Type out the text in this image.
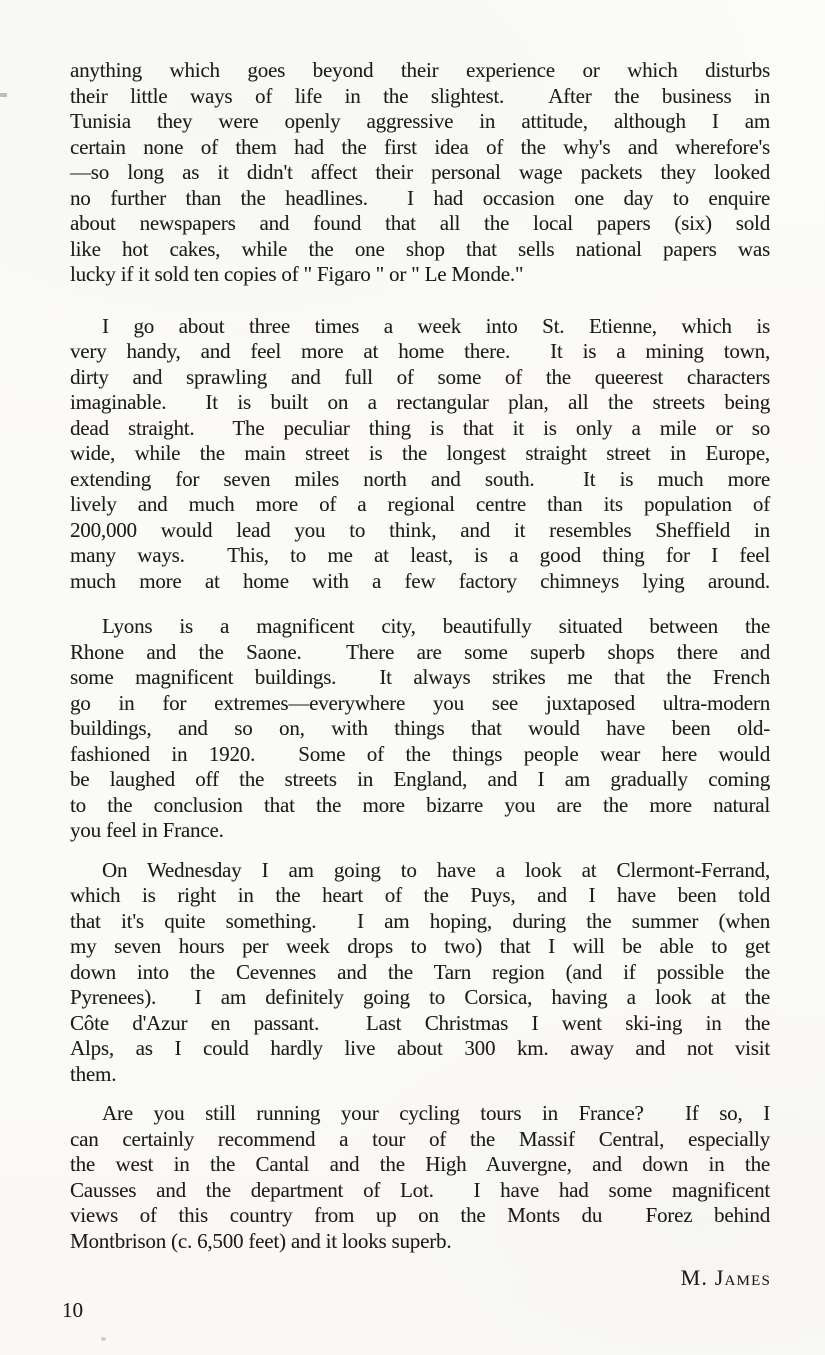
anything which goes beyond their experience or which disturbs
their little ways of life in the slightest.  After the business in
Tunisia they were openly aggressive in attitude, although I am
certain none of them had the first idea of the why's and wherefore's
—so long as it didn't affect their personal wage packets they looked
no further than the headlines.  I had occasion one day to enquire
about newspapers and found that all the local papers (six) sold
like hot cakes, while the one shop that sells national papers was
lucky if it sold ten copies of " Figaro " or " Le Monde."
I go about three times a week into St. Etienne, which is
very handy, and feel more at home there.  It is a mining town,
dirty and sprawling and full of some of the queerest characters
imaginable.  It is built on a rectangular plan, all the streets being
dead straight.  The peculiar thing is that it is only a mile or so
wide, while the main street is the longest straight street in Europe,
extending for seven miles north and south.  It is much more
lively and much more of a regional centre than its population of
200,000 would lead you to think, and it resembles Sheffield in
many ways.  This, to me at least, is a good thing for I feel
much more at home with a few factory chimneys lying around.
Lyons is a magnificent city, beautifully situated between the
Rhone and the Saone.  There are some superb shops there and
some magnificent buildings.  It always strikes me that the French
go in for extremes—everywhere you see juxtaposed ultra-modern
buildings, and so on, with things that would have been old-
fashioned in 1920.  Some of the things people wear here would
be laughed off the streets in England, and I am gradually coming
to the conclusion that the more bizarre you are the more natural
you feel in France.
On Wednesday I am going to have a look at Clermont-Ferrand,
which is right in the heart of the Puys, and I have been told
that it's quite something.  I am hoping, during the summer (when
my seven hours per week drops to two) that I will be able to get
down into the Cevennes and the Tarn region (and if possible the
Pyrenees).  I am definitely going to Corsica, having a look at the
Côte d'Azur en passant.  Last Christmas I went ski-ing in the
Alps, as I could hardly live about 300 km. away and not visit
them.
Are you still running your cycling tours in France?  If so, I
can certainly recommend a tour of the Massif Central, especially
the west in the Cantal and the High Auvergne, and down in the
Causses and the department of Lot.  I have had some magnificent
views of this country from up on the Monts du  Forez behind
Montbrison (c. 6,500 feet) and it looks superb.
M. James
10
